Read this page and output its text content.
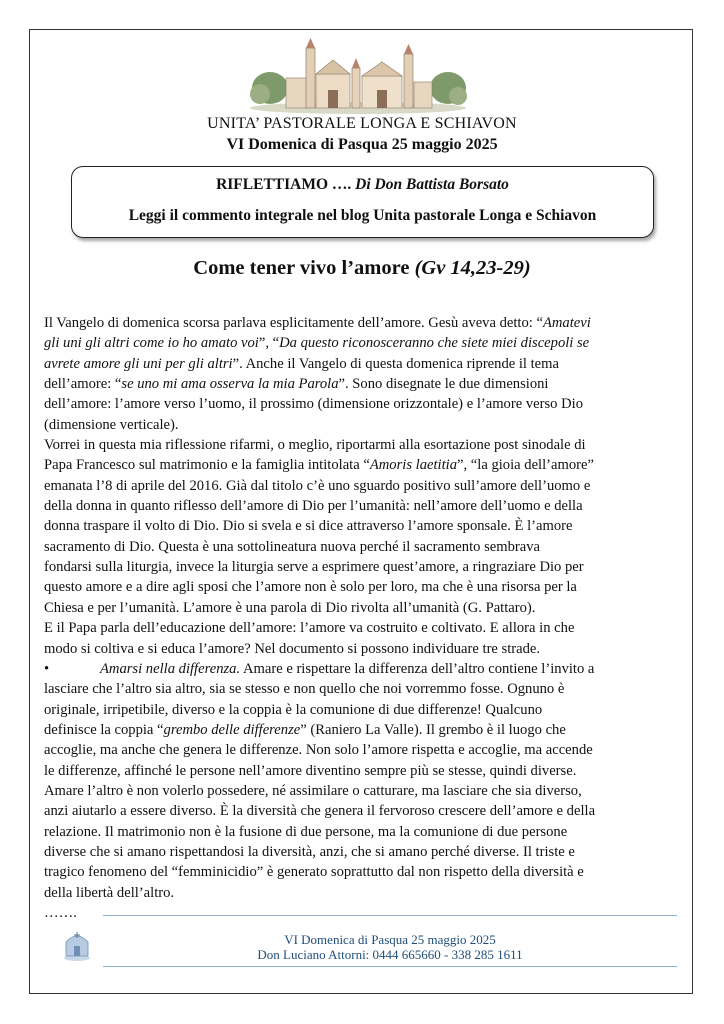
UNITA’ PASTORALE LONGA E SCHIAVON
VI Domenica di Pasqua 25 maggio 2025
RIFLETTIAMO …. Di Don Battista Borsato
Leggi il commento integrale nel blog Unita pastorale Longa e Schiavon
Come tener vivo l’amore (Gv 14,23-29)
Il Vangelo di domenica scorsa parlava esplicitamente dell’amore. Gesù aveva detto: “Amatevi
gli uni gli altri come io ho amato voi”, “Da questo riconosceranno che siete miei discepoli se
avrete amore gli uni per gli altri”. Anche il Vangelo di questa domenica riprende il tema
dell’amore: “se uno mi ama osserva la mia Parola”. Sono disegnate le due dimensioni
dell’amore: l’amore verso l’uomo, il prossimo (dimensione orizzontale) e l’amore verso Dio
(dimensione verticale).
Vorrei in questa mia riflessione rifarmi, o meglio, riportarmi alla esortazione post sinodale di
Papa Francesco sul matrimonio e la famiglia intitolata “Amoris laetitia”, “la gioia dell’amore”
emanata l’8 di aprile del 2016. Già dal titolo c’è uno sguardo positivo sull’amore dell’uomo e
della donna in quanto riflesso dell’amore di Dio per l’umanità: nell’amore dell’uomo e della
donna traspare il volto di Dio. Dio si svela e si dice attraverso l’amore sponsale. È l’amore
sacramento di Dio. Questa è una sottolineatura nuova perché il sacramento sembrava
fondarsi sulla liturgia, invece la liturgia serve a esprimere quest’amore, a ringraziare Dio per
questo amore e a dire agli sposi che l’amore non è solo per loro, ma che è una risorsa per la
Chiesa e per l’umanità. L’amore è una parola di Dio rivolta all’umanità (G. Pattaro).
E il Papa parla dell’educazione dell’amore: l’amore va costruito e coltivato. E allora in che
modo si coltiva e si educa l’amore? Nel documento si possono individuare tre strade.
•	Amarsi nella differenza. Amare e rispettare la differenza dell’altro contiene l’invito a
lasciare che l’altro sia altro, sia se stesso e non quello che noi vorremmo fosse. Ognuno è
originale, irripetibile, diverso e la coppia è la comunione di due differenze! Qualcuno
definisce la coppia “grembo delle differenze” (Raniero La Valle). Il grembo è il luogo che
accoglie, ma anche che genera le differenze. Non solo l’amore rispetta e accoglie, ma accende
le differenze, affinché le persone nell’amore diventino sempre più se stesse, quindi diverse.
Amare l’altro è non volerlo possedere, né assimilare o catturare, ma lasciare che sia diverso,
anzi aiutarlo a essere diverso. È la diversità che genera il fervoroso crescere dell’amore e della
relazione. Il matrimonio non è la fusione di due persone, ma la comunione di due persone
diverse che si amano rispettandosi la diversità, anzi, che si amano perché diverse. Il triste e
tragico fenomeno del “femminicidio” è generato soprattutto dal non rispetto della diversità e
della libertà dell’altro.
…….
VI Domenica di Pasqua 25 maggio 2025
Don Luciano Attorni: 0444 665660 - 338 285 1611
